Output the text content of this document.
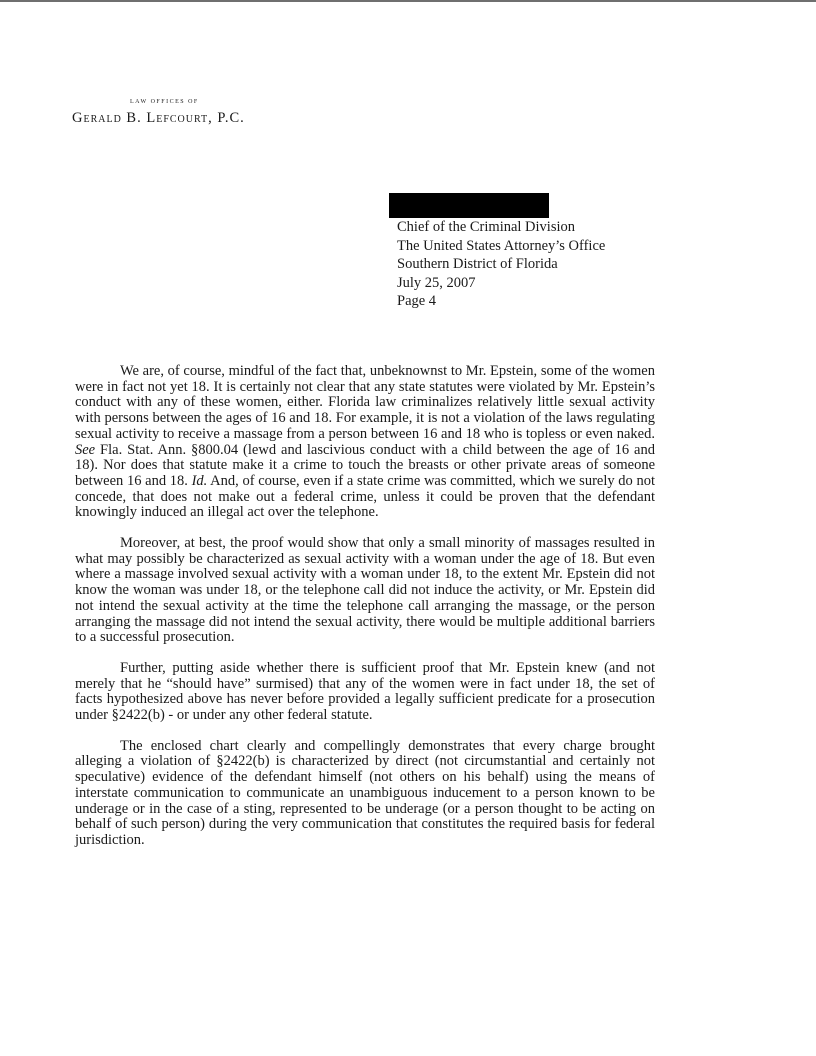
LAW OFFICES OF
Gerald B. Lefcourt, P.C.
Chief of the Criminal Division
The United States Attorney’s Office
Southern District of Florida
July 25, 2007
Page 4

We are, of course, mindful of the fact that, unbeknownst to Mr. Epstein, some of the women were in fact not yet 18. It is certainly not clear that any state statutes were violated by Mr. Epstein’s conduct with any of these women, either. Florida law criminalizes relatively little sexual activity with persons between the ages of 16 and 18. For example, it is not a violation of the laws regulating sexual activity to receive a massage from a person between 16 and 18 who is topless or even naked. See Fla. Stat. Ann. §800.04 (lewd and lascivious conduct with a child between the age of 16 and 18). Nor does that statute make it a crime to touch the breasts or other private areas of someone between 16 and 18. Id. And, of course, even if a state crime was committed, which we surely do not concede, that does not make out a federal crime, unless it could be proven that the defendant knowingly induced an illegal act over the telephone.

Moreover, at best, the proof would show that only a small minority of massages resulted in what may possibly be characterized as sexual activity with a woman under the age of 18. But even where a massage involved sexual activity with a woman under 18, to the extent Mr. Epstein did not know the woman was under 18, or the telephone call did not induce the activity, or Mr. Epstein did not intend the sexual activity at the time the telephone call arranging the massage, or the person arranging the massage did not intend the sexual activity, there would be multiple additional barriers to a successful prosecution.

Further, putting aside whether there is sufficient proof that Mr. Epstein knew (and not merely that he “should have” surmised) that any of the women were in fact under 18, the set of facts hypothesized above has never before provided a legally sufficient predicate for a prosecution under §2422(b) - or under any other federal statute.

The enclosed chart clearly and compellingly demonstrates that every charge brought alleging a violation of §2422(b) is characterized by direct (not circumstantial and certainly not speculative) evidence of the defendant himself (not others on his behalf) using the means of interstate communication to communicate an unambiguous inducement to a person known to be underage or in the case of a sting, represented to be underage (or a person thought to be acting on behalf of such person) during the very communication that constitutes the required basis for federal jurisdiction.
